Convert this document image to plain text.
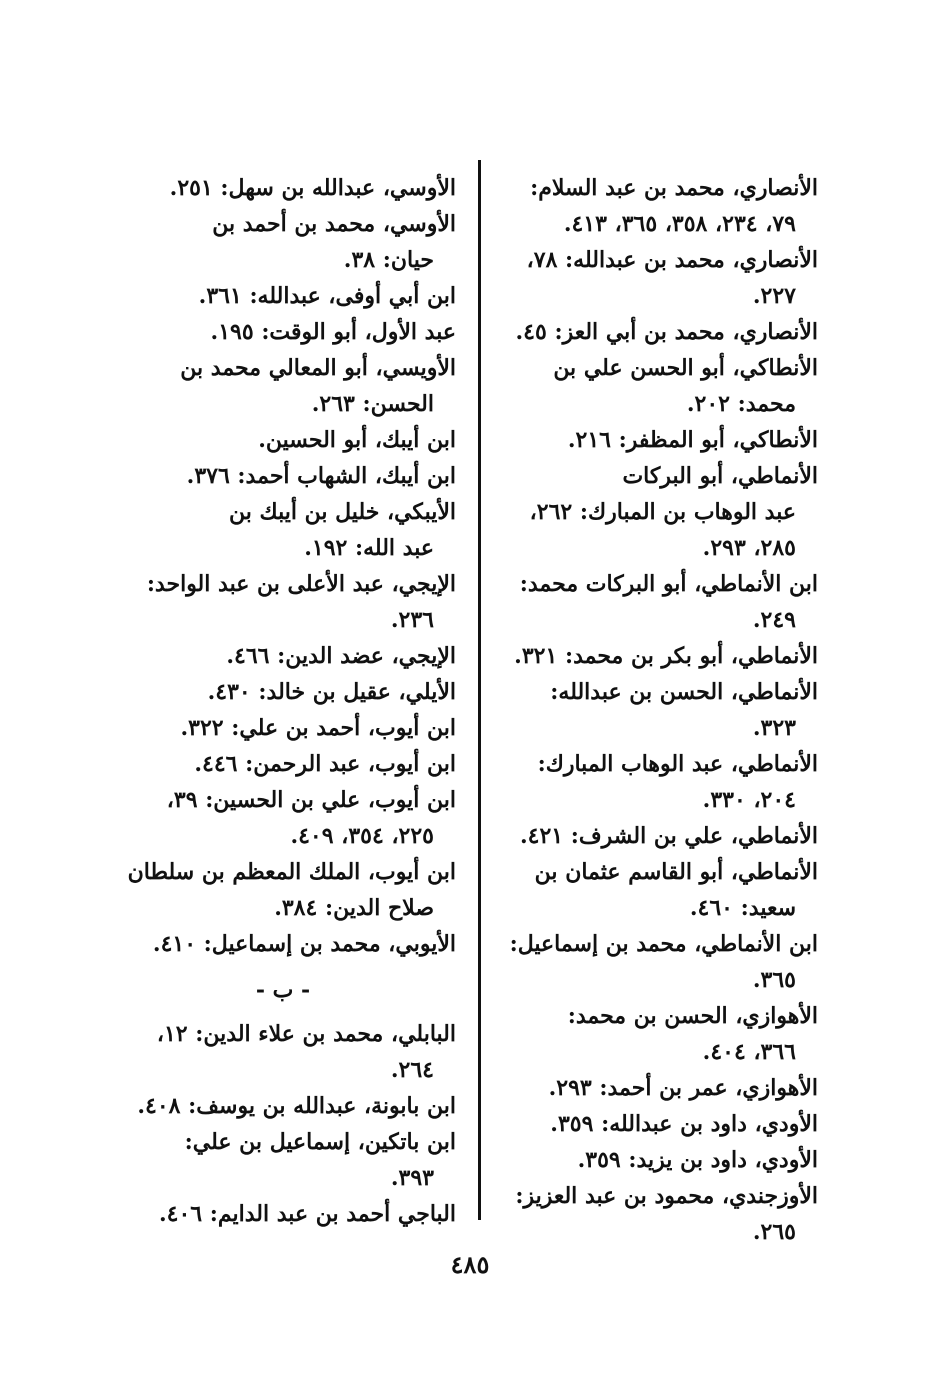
الأنصاري، محمد بن عبد السلام:
٧٩، ٢٣٤، ٣٥٨، ٣٦٥، ٤١٣.
الأنصاري، محمد بن عبدالله: ٧٨،
٢٢٧.
الأنصاري، محمد بن أبي العز: ٤٥.
الأنطاكي، أبو الحسن علي بن
محمد: ٢٠٢.
الأنطاكي، أبو المظفر: ٢١٦.
الأنماطي، أبو البركات
عبد الوهاب بن المبارك: ٢٦٢،
٢٨٥، ٢٩٣.
ابن الأنماطي، أبو البركات محمد:
٢٤٩.
الأنماطي، أبو بكر بن محمد: ٣٢١.
الأنماطي، الحسن بن عبدالله:
٣٢٣.
الأنماطي، عبد الوهاب المبارك:
٢٠٤، ٣٣٠.
الأنماطي، علي بن الشرف: ٤٢١.
الأنماطي، أبو القاسم عثمان بن
سعيد: ٤٦٠.
ابن الأنماطي، محمد بن إسماعيل:
٣٦٥.
الأهوازي، الحسن بن محمد:
٣٦٦، ٤٠٤.
الأهوازي، عمر بن أحمد: ٢٩٣.
الأودي، داود بن عبدالله: ٣٥٩.
الأودي، داود بن يزيد: ٣٥٩.
الأوزجندي، محمود بن عبد العزيز:
٢٦٥.
الأوسي، عبدالله بن سهل: ٢٥١.
الأوسي، محمد بن أحمد بن
حيان: ٣٨.
ابن أبي أوفى، عبدالله: ٣٦١.
عبد الأول، أبو الوقت: ١٩٥.
الأويسي، أبو المعالي محمد بن
الحسن: ٢٦٣.
ابن أيبك، أبو الحسين.
ابن أيبك، الشهاب أحمد: ٣٧٦.
الأيبكي، خليل بن أيبك بن
عبد الله: ١٩٢.
الإيجي، عبد الأعلى بن عبد الواحد:
٢٣٦.
الإيجي، عضد الدين: ٤٦٦.
الأيلي، عقيل بن خالد: ٤٣٠.
ابن أيوب، أحمد بن علي: ٣٢٢.
ابن أيوب، عبد الرحمن: ٤٤٦.
ابن أيوب، علي بن الحسين: ٣٩،
٢٢٥، ٣٥٤، ٤٠٩.
ابن أيوب، الملك المعظم بن سلطان
صلاح الدين: ٣٨٤.
الأيوبي، محمد بن إسماعيل: ٤١٠.
- ب -
البابلي، محمد بن علاء الدين: ١٢،
٢٦٤.
ابن بابونة، عبدالله بن يوسف: ٤٠٨.
ابن باتكين، إسماعيل بن علي:
٣٩٣.
الباجي أحمد بن عبد الدايم: ٤٠٦.
٤٨٥
